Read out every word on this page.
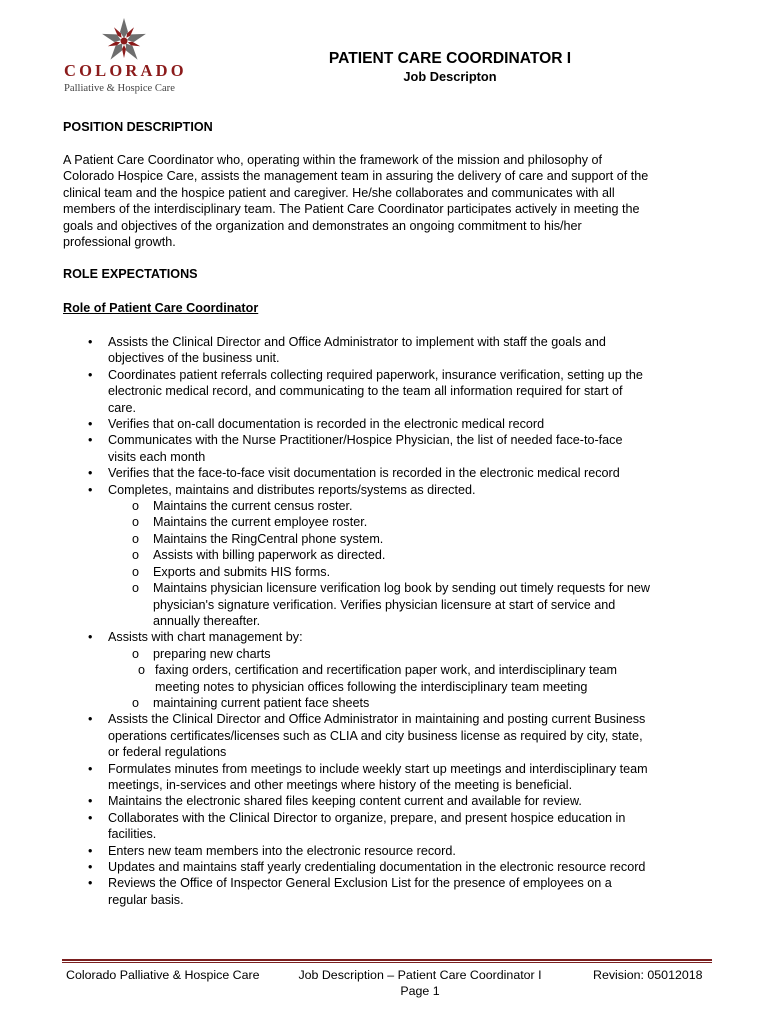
COLORADO
Palliative & Hospice Care
PATIENT CARE COORDINATOR I
Job Descripton
POSITION DESCRIPTION
A Patient Care Coordinator who, operating within the framework of the mission and philosophy of
Colorado Hospice Care, assists the management team in assuring the delivery of care and support of the
clinical team and the hospice patient and caregiver. He/she collaborates and communicates with all
members of the interdisciplinary team. The Patient Care Coordinator participates actively in meeting the
goals and objectives of the organization and demonstrates an ongoing commitment to his/her
professional growth.
ROLE EXPECTATIONS
Role of Patient Care Coordinator
• Assists the Clinical Director and Office Administrator to implement with staff the goals and
objectives of the business unit.
• Coordinates patient referrals collecting required paperwork, insurance verification, setting up the
electronic medical record, and communicating to the team all information required for start of
care.
• Verifies that on-call documentation is recorded in the electronic medical record
• Communicates with the Nurse Practitioner/Hospice Physician, the list of needed face-to-face
visits each month
• Verifies that the face-to-face visit documentation is recorded in the electronic medical record
• Completes, maintains and distributes reports/systems as directed.
o Maintains the current census roster.
o Maintains the current employee roster.
o Maintains the RingCentral phone system.
o Assists with billing paperwork as directed.
o Exports and submits HIS forms.
o Maintains physician licensure verification log book by sending out timely requests for new
physician's signature verification. Verifies physician licensure at start of service and
annually thereafter.
• Assists with chart management by:
o preparing new charts
o faxing orders, certification and recertification paper work, and interdisciplinary team
meeting notes to physician offices following the interdisciplinary team meeting
o maintaining current patient face sheets
• Assists the Clinical Director and Office Administrator in maintaining and posting current Business
operations certificates/licenses such as CLIA and city business license as required by city, state,
or federal regulations
• Formulates minutes from meetings to include weekly start up meetings and interdisciplinary team
meetings, in-services and other meetings where history of the meeting is beneficial.
• Maintains the electronic shared files keeping content current and available for review.
• Collaborates with the Clinical Director to organize, prepare, and present hospice education in
facilities.
• Enters new team members into the electronic resource record.
• Updates and maintains staff yearly credentialing documentation in the electronic resource record
• Reviews the Office of Inspector General Exclusion List for the presence of employees on a
regular basis.
Colorado Palliative & Hospice Care	Job Description – Patient Care Coordinator I
Page 1
Revision: 05012018
